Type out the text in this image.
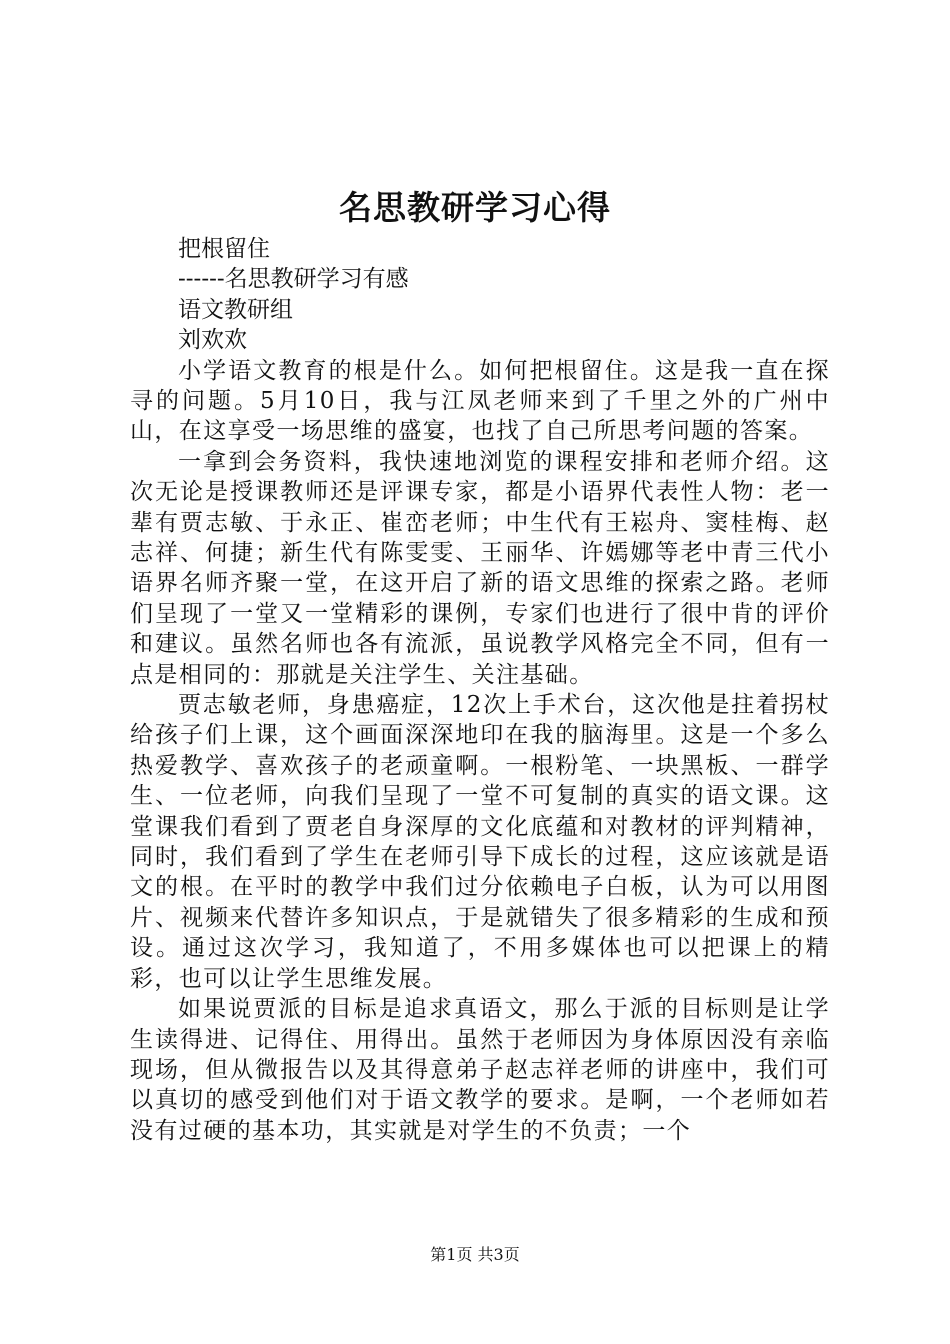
名思教研学习心得

把根留住

------名思教研学习有感

语文教研组

刘欢欢

小学语文教育的根是什么。如何把根留住。这是我一直在探寻的问题。5月10日，我与江凤老师来到了千里之外的广州中山，在这享受一场思维的盛宴，也找了自己所思考问题的答案。

一拿到会务资料，我快速地浏览的课程安排和老师介绍。这次无论是授课教师还是评课专家，都是小语界代表性人物：老一辈有贾志敏、于永正、崔峦老师；中生代有王崧舟、窦桂梅、赵志祥、何捷；新生代有陈雯雯、王丽华、许嫣娜等老中青三代小语界名师齐聚一堂，在这开启了新的语文思维的探索之路。老师们呈现了一堂又一堂精彩的课例，专家们也进行了很中肯的评价和建议。虽然名师也各有流派，虽说教学风格完全不同，但有一点是相同的：那就是关注学生、关注基础。

贾志敏老师，身患癌症，12次上手术台，这次他是拄着拐杖给孩子们上课，这个画面深深地印在我的脑海里。这是一个多么热爱教学、喜欢孩子的老顽童啊。一根粉笔、一块黑板、一群学生、一位老师，向我们呈现了一堂不可复制的真实的语文课。这堂课我们看到了贾老自身深厚的文化底蕴和对教材的评判精神，同时，我们看到了学生在老师引导下成长的过程，这应该就是语文的根。在平时的教学中我们过分依赖电子白板，认为可以用图片、视频来代替许多知识点，于是就错失了很多精彩的生成和预设。通过这次学习，我知道了，不用多媒体也可以把课上的精彩，也可以让学生思维发展。

如果说贾派的目标是追求真语文，那么于派的目标则是让学生读得进、记得住、用得出。虽然于老师因为身体原因没有亲临现场，但从微报告以及其得意弟子赵志祥老师的讲座中，我们可以真切的感受到他们对于语文教学的要求。是啊，一个老师如若没有过硬的基本功，其实就是对学生的不负责；一个

第1页 共3页
